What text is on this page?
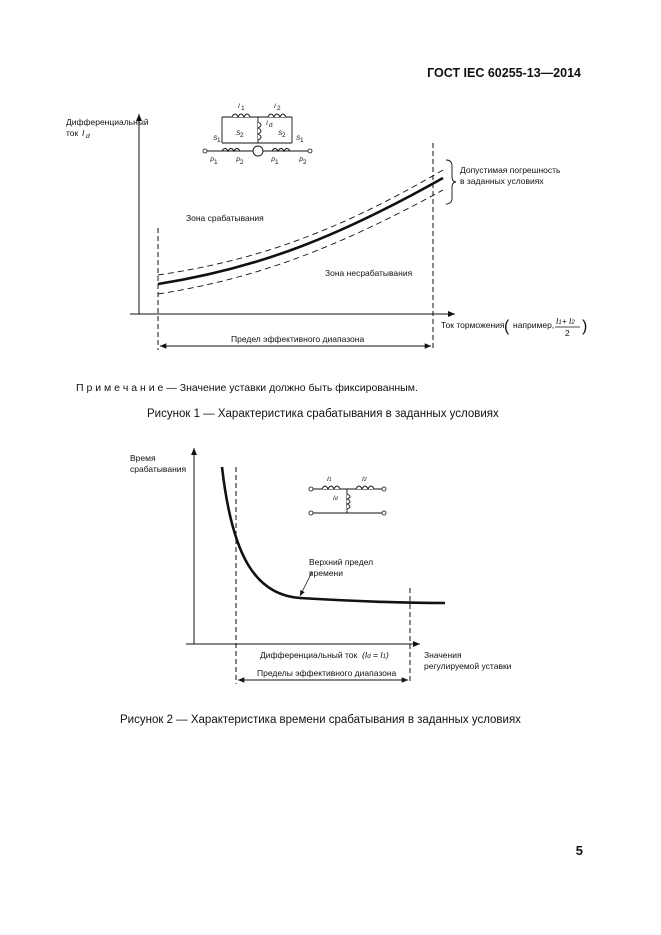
ГОСТ IEC 60255-13—2014
Дифференциальный
ток I d
Допустимая погрешность
в заданных условиях
Зона срабатывания
Зона несрабатывания
Ток торможения ( например, I1+ I2
2 )
Предел эффективного диапазона
I 1	I 2
I d
S 1
S 2	S 2 S 1
P 1	P 2	P 1	P 2
П р и м е ч а н и е — Значение уставки должно быть фиксированным.
Рисунок 1 — Характеристика срабатывания в заданных условиях
Время
срабатывания
Верхний предел
времени
I1	I2
Id
Дифференциальный ток (Id = I1)	Значения
регулируемой уставки
Пределы эффективного диапазона
Рисунок 2 — Характеристика времени срабатывания в заданных условиях
5
